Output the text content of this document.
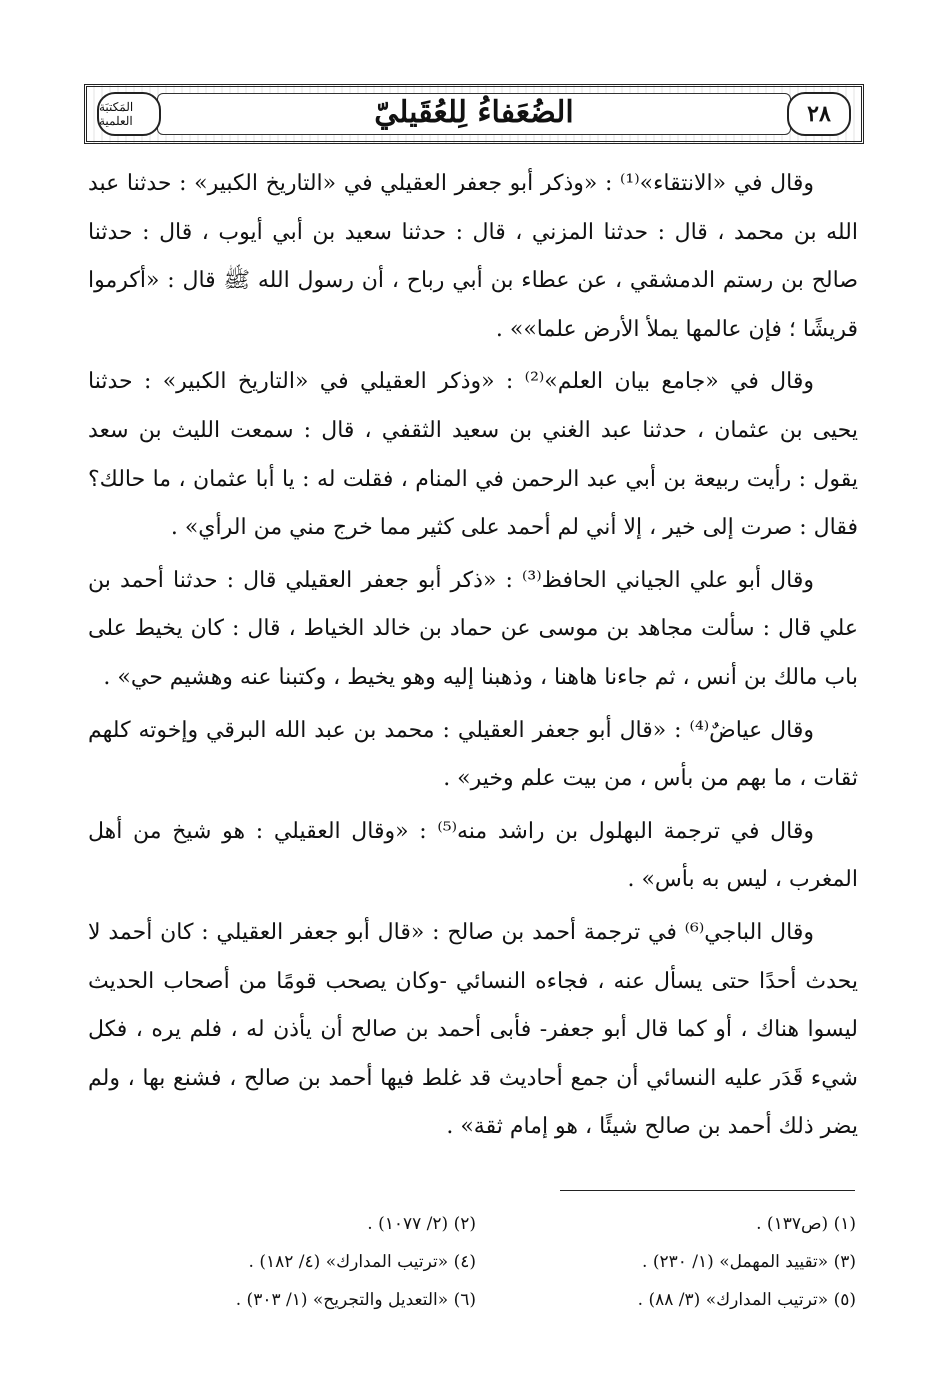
المَكتبَة العلمية	الضُعَفاءُ لِلعُقَيليّ	٢٨

وقال في «الانتقاء»⁽¹⁾ : «وذكر أبو جعفر العقيلي في «التاريخ الكبير» : حدثنا عبد الله بن محمد ، قال : حدثنا المزني ، قال : حدثنا سعيد بن أبي أيوب ، قال : حدثنا صالح بن رستم الدمشقي ، عن عطاء بن أبي رباح ، أن رسول الله ﷺ قال : «أكرموا قريشًا ؛ فإن عالمها يملأ الأرض علما»» .

وقال في «جامع بيان العلم»⁽²⁾ : «وذكر العقيلي في «التاريخ الكبير» : حدثنا يحيى بن عثمان ، حدثنا عبد الغني بن سعيد الثقفي ، قال : سمعت الليث بن سعد يقول : رأيت ربيعة بن أبي عبد الرحمن في المنام ، فقلت له : يا أبا عثمان ، ما حالك؟ فقال : صرت إلى خير ، إلا أني لم أحمد على كثير مما خرج مني من الرأي» .

وقال أبو علي الجياني الحافظ⁽³⁾ : «ذكر أبو جعفر العقيلي قال : حدثنا أحمد بن علي قال : سألت مجاهد بن موسى عن حماد بن خالد الخياط ، قال : كان يخيط على باب مالك بن أنس ، ثم جاءنا هاهنا ، وذهبنا إليه وهو يخيط ، وكتبنا عنه وهشيم حي» .

وقال عياضٌ⁽⁴⁾ : «قال أبو جعفر العقيلي : محمد بن عبد الله البرقي وإخوته كلهم ثقات ، ما بهم من بأس ، من بيت علم وخير» .

وقال في ترجمة البهلول بن راشد منه⁽⁵⁾ : «وقال العقيلي : هو شيخ من أهل المغرب ، ليس به بأس» .

وقال الباجي⁽⁶⁾ في ترجمة أحمد بن صالح : «قال أبو جعفر العقيلي : كان أحمد لا يحدث أحدًا حتى يسأل عنه ، فجاءه النسائي -وكان يصحب قومًا من أصحاب الحديث ليسوا هناك ، أو كما قال أبو جعفر- فأبى أحمد بن صالح أن يأذن له ، فلم يره ، فكل شيء قَدَر عليه النسائي أن جمع أحاديث قد غلط فيها أحمد بن صالح ، فشنع بها ، ولم يضر ذلك أحمد بن صالح شيئًا ، هو إمام ثقة» .

(١) (ص١٣٧) .
(٢) (٢/ ١٠٧٧) .
(٣) «تقييد المهمل» (١/ ٢٣٠) .
(٤) «ترتيب المدارك» (٤/ ١٨٢) .
(٥) «ترتيب المدارك» (٣/ ٨٨) .
(٦) «التعديل والتجريح» (١/ ٣٠٣) .
